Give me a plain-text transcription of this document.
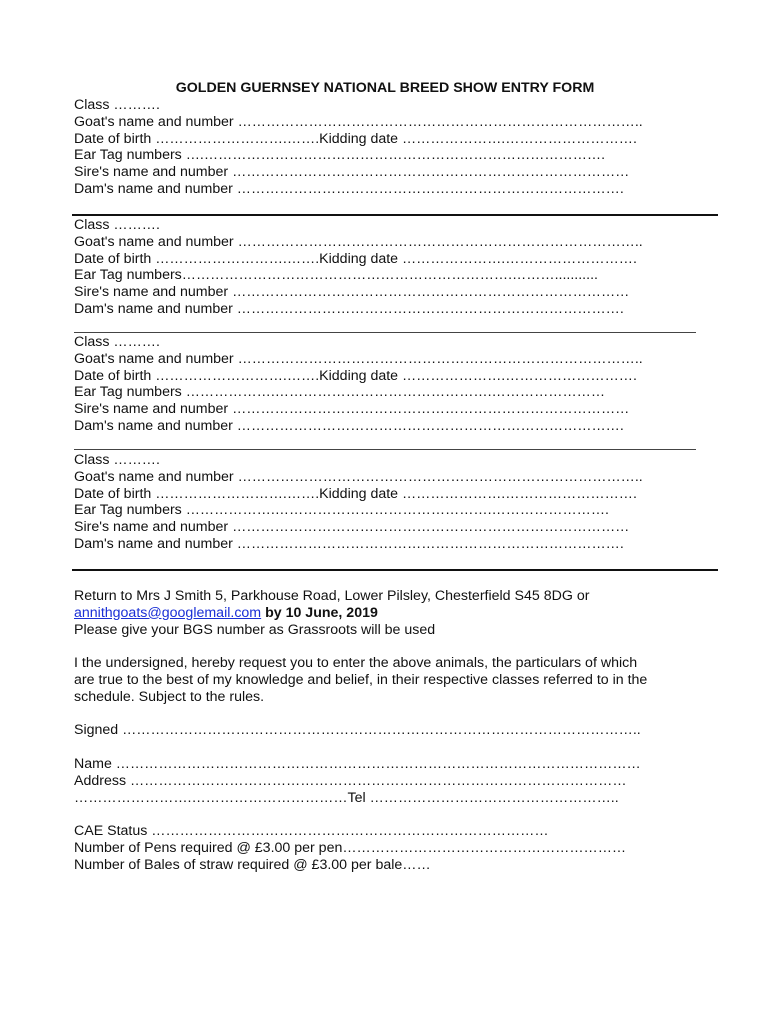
GOLDEN GUERNSEY NATIONAL BREED SHOW ENTRY FORM
Class ……….
Goat's name and number …………………………………………………………………………..
Date of birth ……………………….…….Kidding date ………………….……………………….
Ear Tag numbers ….………………………………………………………………………….
Sire's name and number …………………………………………………………………………
Dam's name and number ……………………………………………………………………….
Class ……….
Goat's name and number …………………………………………………………………………..
Date of birth ……………………….…….Kidding date ………………….……………………….
Ear Tag numbers…………………………………………………………….………...........
Sire's name and number …………………………………………………………………………
Dam's name and number ……………………………………………………………………….
Class ……….
Goat's name and number …………………………………………………………………………..
Date of birth ……………………….…….Kidding date ………………….……………………….
Ear Tag numbers ……………….……………………………………….……………………
Sire's name and number …………………………………………………………………………
Dam's name and number ……………………………………………………………………….
Class ……….
Goat's name and number …………………………………………………………………………..
Date of birth ……………………….…….Kidding date ………………….……………………….
Ear Tag numbers ……………….……………………………………….…………………….
Sire's name and number …………………………………………………………………………
Dam's name and number ……………………………………………………………………….
Return to Mrs J Smith 5, Parkhouse Road, Lower Pilsley, Chesterfield S45 8DG or
annithgoats@googlemail.com by 10 June, 2019
Please give your BGS number as Grassroots will be used
I the undersigned, hereby request you to enter the above animals, the particulars of which
are true to the best of my knowledge and belief, in their respective classes referred to in the
schedule. Subject to the rules.
Signed ………………………………………………………………………………………………..
Name …………………………………………………………………………………………………
Address ……………………………………………………………………………………………
…………………….……………………………Tel ……………………………………………..
CAE Status …………………………………………………………………………
Number of Pens required @ £3.00 per pen……………………………………………………
Number of Bales of straw required @ £3.00 per bale……
